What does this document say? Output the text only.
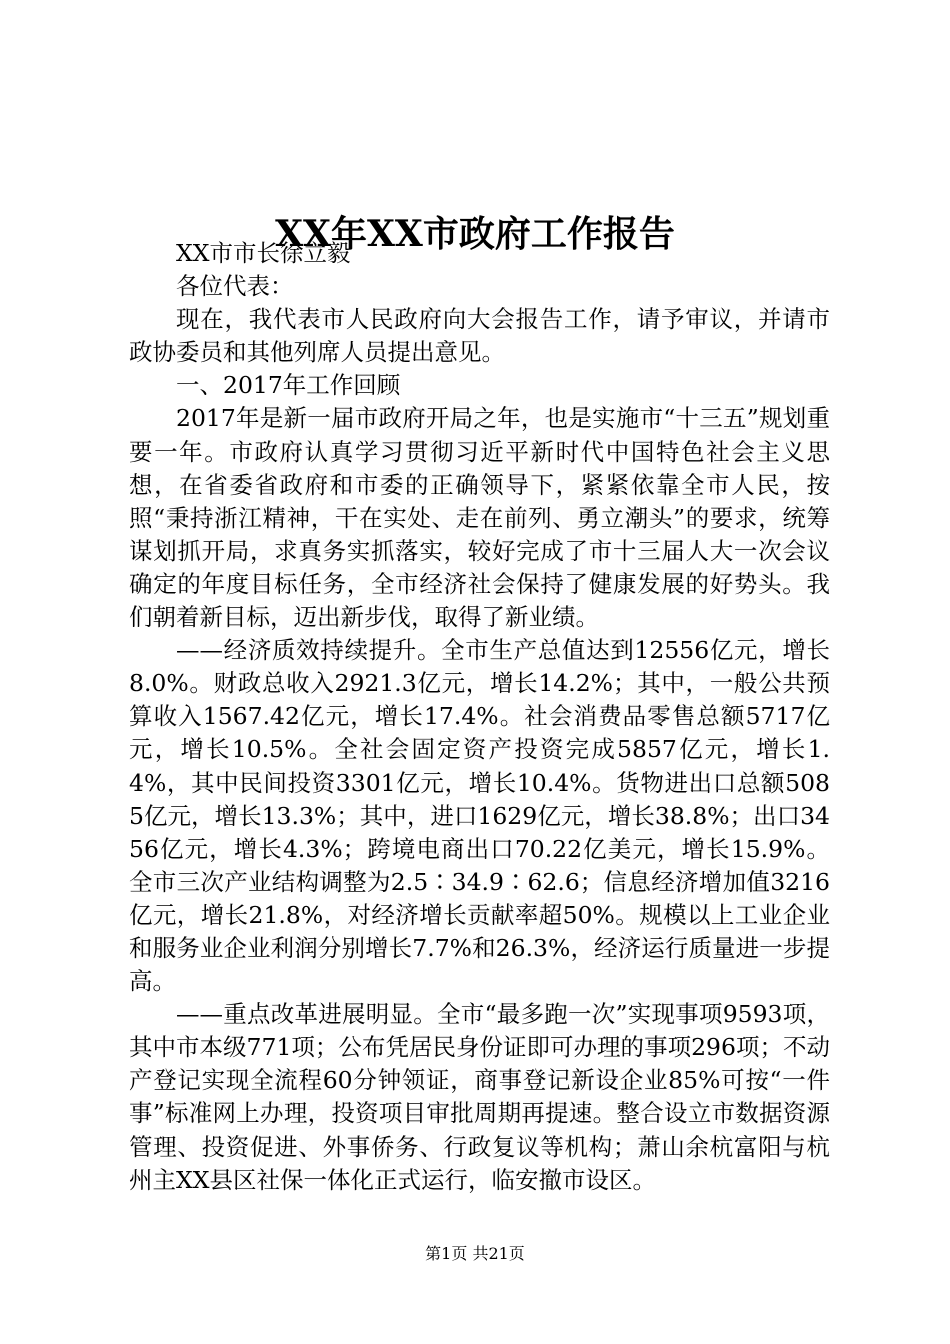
XX年XX市政府工作报告

XX市市长徐立毅

各位代表：

现在，我代表市人民政府向大会报告工作，请予审议，并请市政协委员和其他列席人员提出意见。

一、2017年工作回顾

2017年是新一届市政府开局之年，也是实施市“十三五”规划重要一年。市政府认真学习贯彻习近平新时代中国特色社会主义思想，在省委省政府和市委的正确领导下，紧紧依靠全市人民，按照“秉持浙江精神，干在实处、走在前列、勇立潮头”的要求，统筹谋划抓开局，求真务实抓落实，较好完成了市十三届人大一次会议确定的年度目标任务，全市经济社会保持了健康发展的好势头。我们朝着新目标，迈出新步伐，取得了新业绩。

——经济质效持续提升。全市生产总值达到12556亿元，增长8.0%。财政总收入2921.3亿元，增长14.2%；其中，一般公共预算收入1567.42亿元，增长17.4%。社会消费品零售总额5717亿元，增长10.5%。全社会固定资产投资完成5857亿元，增长1.4%，其中民间投资3301亿元，增长10.4%。货物进出口总额5085亿元，增长13.3%；其中，进口1629亿元，增长38.8%；出口3456亿元，增长4.3%；跨境电商出口70.22亿美元，增长15.9%。全市三次产业结构调整为2.5∶34.9∶62.6；信息经济增加值3216亿元，增长21.8%，对经济增长贡献率超50%。规模以上工业企业和服务业企业利润分别增长7.7%和26.3%，经济运行质量进一步提高。

——重点改革进展明显。全市“最多跑一次”实现事项9593项，其中市本级771项；公布凭居民身份证即可办理的事项296项；不动产登记实现全流程60分钟领证，商事登记新设企业85%可按“一件事”标准网上办理，投资项目审批周期再提速。整合设立市数据资源管理、投资促进、外事侨务、行政复议等机构；萧山余杭富阳与杭州主XX县区社保一体化正式运行，临安撤市设区。

第1页 共21页
